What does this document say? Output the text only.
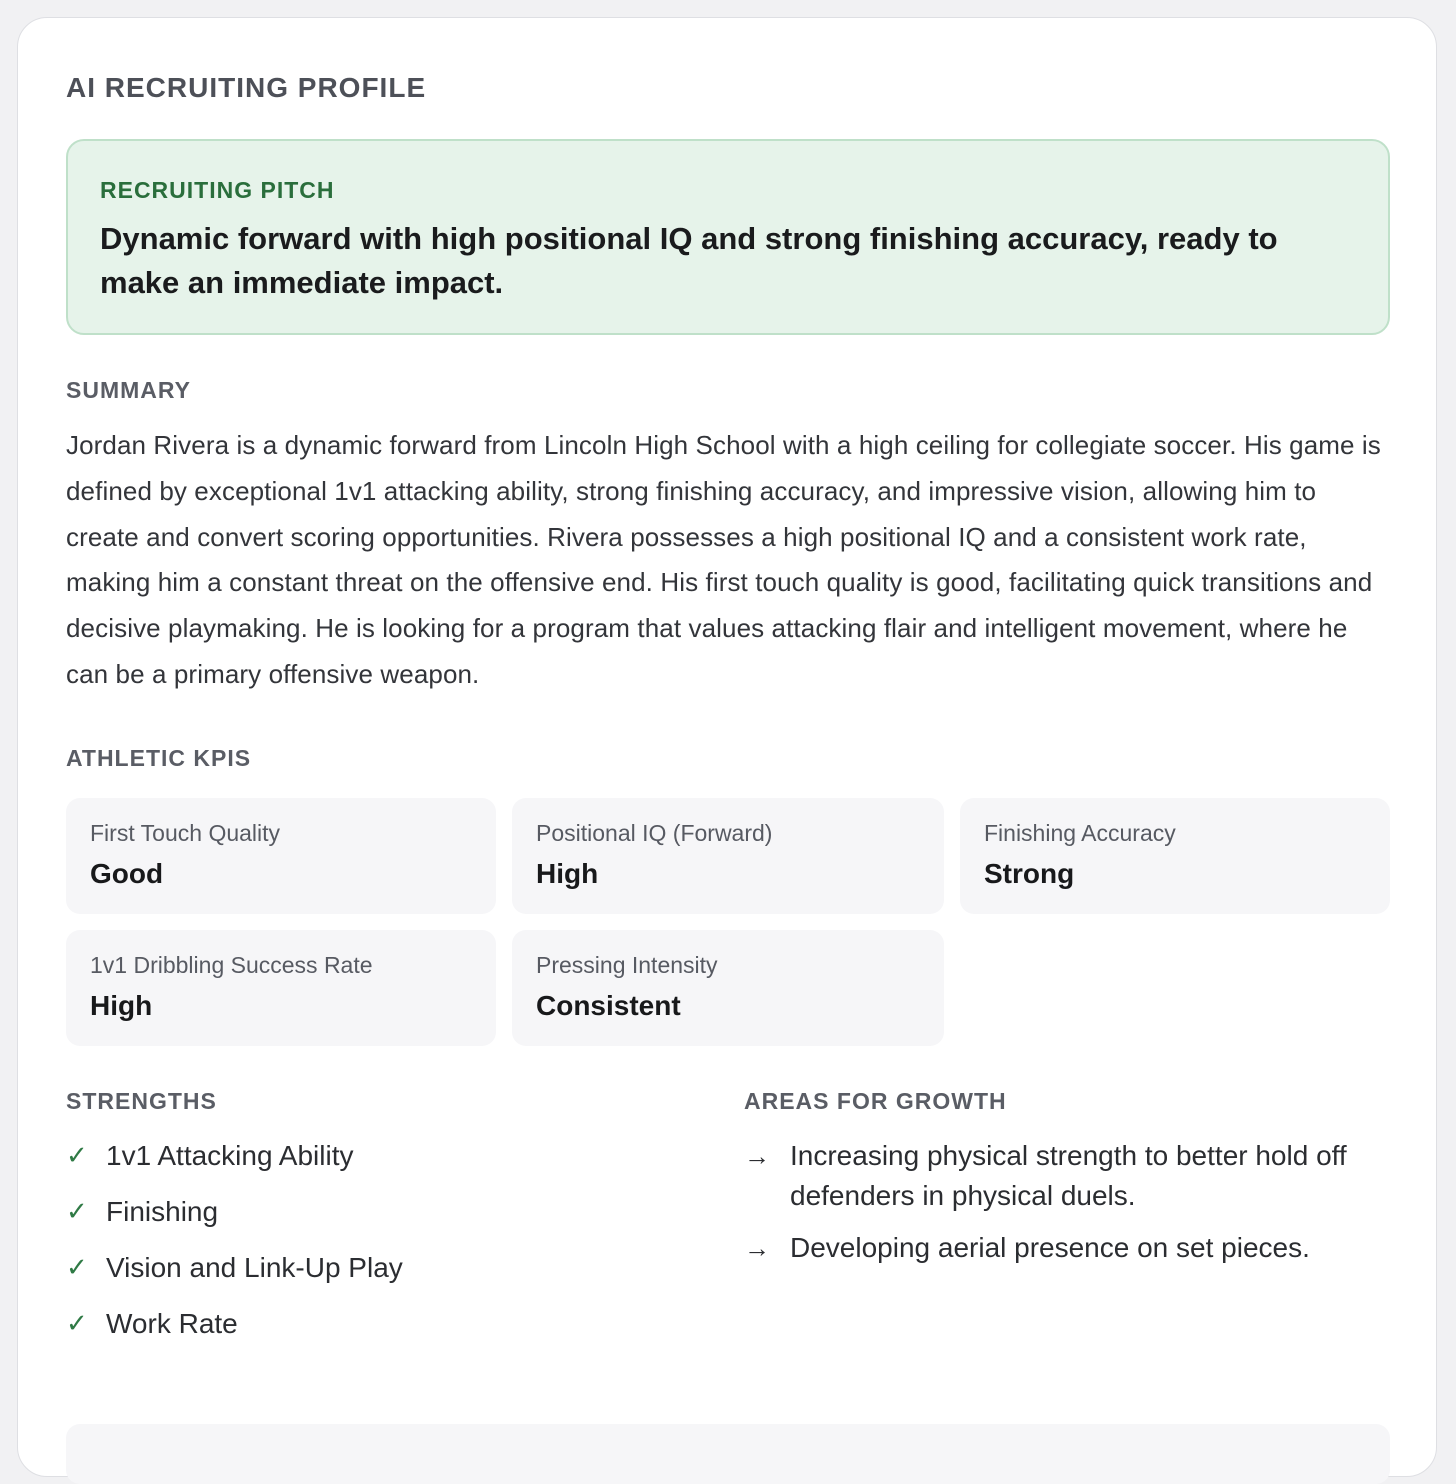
AI RECRUITING PROFILE
RECRUITING PITCH
Dynamic forward with high positional IQ and strong finishing accuracy, ready to make an immediate impact.
SUMMARY
Jordan Rivera is a dynamic forward from Lincoln High School with a high ceiling for collegiate soccer. His game is defined by exceptional 1v1 attacking ability, strong finishing accuracy, and impressive vision, allowing him to create and convert scoring opportunities. Rivera possesses a high positional IQ and a consistent work rate, making him a constant threat on the offensive end. His first touch quality is good, facilitating quick transitions and decisive playmaking. He is looking for a program that values attacking flair and intelligent movement, where he can be a primary offensive weapon.
ATHLETIC KPIS
First Touch Quality
Good
Positional IQ (Forward)
High
Finishing Accuracy
Strong
1v1 Dribbling Success Rate
High
Pressing Intensity
Consistent
STRENGTHS
✓ 1v1 Attacking Ability
✓ Finishing
✓ Vision and Link-Up Play
✓ Work Rate
AREAS FOR GROWTH
→ Increasing physical strength to better hold off defenders in physical duels.
→ Developing aerial presence on set pieces.
